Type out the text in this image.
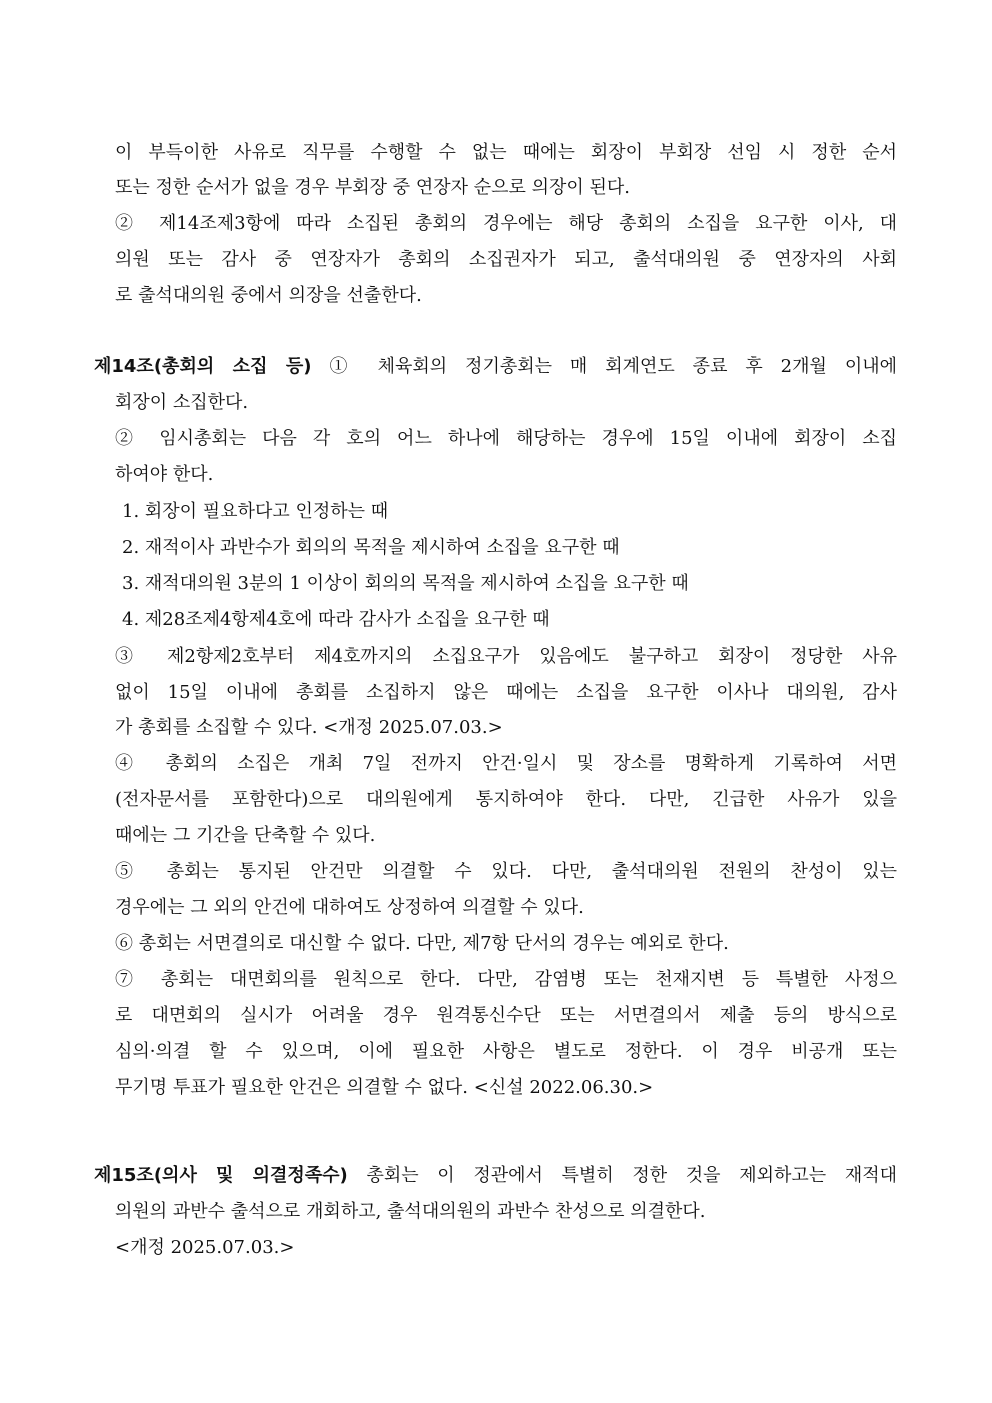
이 부득이한 사유로 직무를 수행할 수 없는 때에는 회장이 부회장 선임 시 정한 순서
또는 정한 순서가 없을 경우 부회장 중 연장자 순으로 의장이 된다.
② 제14조제3항에 따라 소집된 총회의 경우에는 해당 총회의 소집을 요구한 이사, 대
의원 또는 감사 중 연장자가 총회의 소집권자가 되고, 출석대의원 중 연장자의 사회
로 출석대의원 중에서 의장을 선출한다.
제14조(총회의 소집 등) ① 체육회의 정기총회는 매 회계연도 종료 후 2개월 이내에
회장이 소집한다.
② 임시총회는 다음 각 호의 어느 하나에 해당하는 경우에 15일 이내에 회장이 소집
하여야 한다.
1. 회장이 필요하다고 인정하는 때
2. 재적이사 과반수가 회의의 목적을 제시하여 소집을 요구한 때
3. 재적대의원 3분의 1 이상이 회의의 목적을 제시하여 소집을 요구한 때
4. 제28조제4항제4호에 따라 감사가 소집을 요구한 때
③ 제2항제2호부터 제4호까지의 소집요구가 있음에도 불구하고 회장이 정당한 사유
없이 15일 이내에 총회를 소집하지 않은 때에는 소집을 요구한 이사나 대의원, 감사
가 총회를 소집할 수 있다. <개정 2025.07.03.>
④ 총회의 소집은 개최 7일 전까지 안건·일시 및 장소를 명확하게 기록하여 서면
(전자문서를 포함한다)으로 대의원에게 통지하여야 한다. 다만, 긴급한 사유가 있을
때에는 그 기간을 단축할 수 있다.
⑤ 총회는 통지된 안건만 의결할 수 있다. 다만, 출석대의원 전원의 찬성이 있는
경우에는 그 외의 안건에 대하여도 상정하여 의결할 수 있다.
⑥ 총회는 서면결의로 대신할 수 없다. 다만, 제7항 단서의 경우는 예외로 한다.
⑦ 총회는 대면회의를 원칙으로 한다. 다만, 감염병 또는 천재지변 등 특별한 사정으
로 대면회의 실시가 어려울 경우 원격통신수단 또는 서면결의서 제출 등의 방식으로
심의·의결 할 수 있으며, 이에 필요한 사항은 별도로 정한다. 이 경우 비공개 또는
무기명 투표가 필요한 안건은 의결할 수 없다. <신설 2022.06.30.>
제15조(의사 및 의결정족수) 총회는 이 정관에서 특별히 정한 것을 제외하고는 재적대
의원의 과반수 출석으로 개회하고, 출석대의원의 과반수 찬성으로 의결한다.
<개정 2025.07.03.>
